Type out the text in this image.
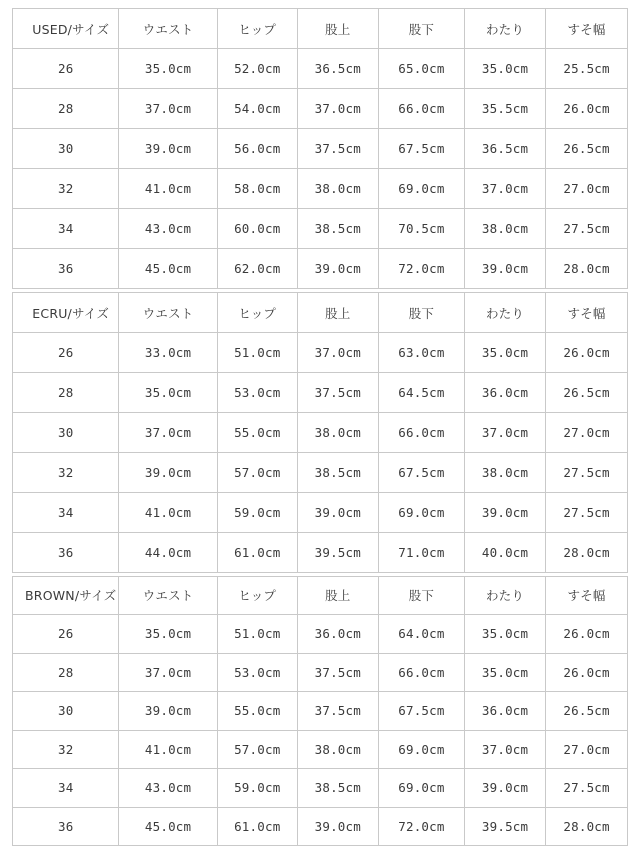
USED/サイズ	ウエスト	ヒップ	股上	股下	わたり	すそ幅
26	35.0cm	52.0cm	36.5cm	65.0cm	35.0cm	25.5cm
28	37.0cm	54.0cm	37.0cm	66.0cm	35.5cm	26.0cm
30	39.0cm	56.0cm	37.5cm	67.5cm	36.5cm	26.5cm
32	41.0cm	58.0cm	38.0cm	69.0cm	37.0cm	27.0cm
34	43.0cm	60.0cm	38.5cm	70.5cm	38.0cm	27.5cm
36	45.0cm	62.0cm	39.0cm	72.0cm	39.0cm	28.0cm
ECRU/サイズ	ウエスト	ヒップ	股上	股下	わたり	すそ幅
26	33.0cm	51.0cm	37.0cm	63.0cm	35.0cm	26.0cm
28	35.0cm	53.0cm	37.5cm	64.5cm	36.0cm	26.5cm
30	37.0cm	55.0cm	38.0cm	66.0cm	37.0cm	27.0cm
32	39.0cm	57.0cm	38.5cm	67.5cm	38.0cm	27.5cm
34	41.0cm	59.0cm	39.0cm	69.0cm	39.0cm	27.5cm
36	44.0cm	61.0cm	39.5cm	71.0cm	40.0cm	28.0cm
BROWN/サイズ	ウエスト	ヒップ	股上	股下	わたり	すそ幅
26	35.0cm	51.0cm	36.0cm	64.0cm	35.0cm	26.0cm
28	37.0cm	53.0cm	37.5cm	66.0cm	35.0cm	26.0cm
30	39.0cm	55.0cm	37.5cm	67.5cm	36.0cm	26.5cm
32	41.0cm	57.0cm	38.0cm	69.0cm	37.0cm	27.0cm
34	43.0cm	59.0cm	38.5cm	69.0cm	39.0cm	27.5cm
36	45.0cm	61.0cm	39.0cm	72.0cm	39.5cm	28.0cm
